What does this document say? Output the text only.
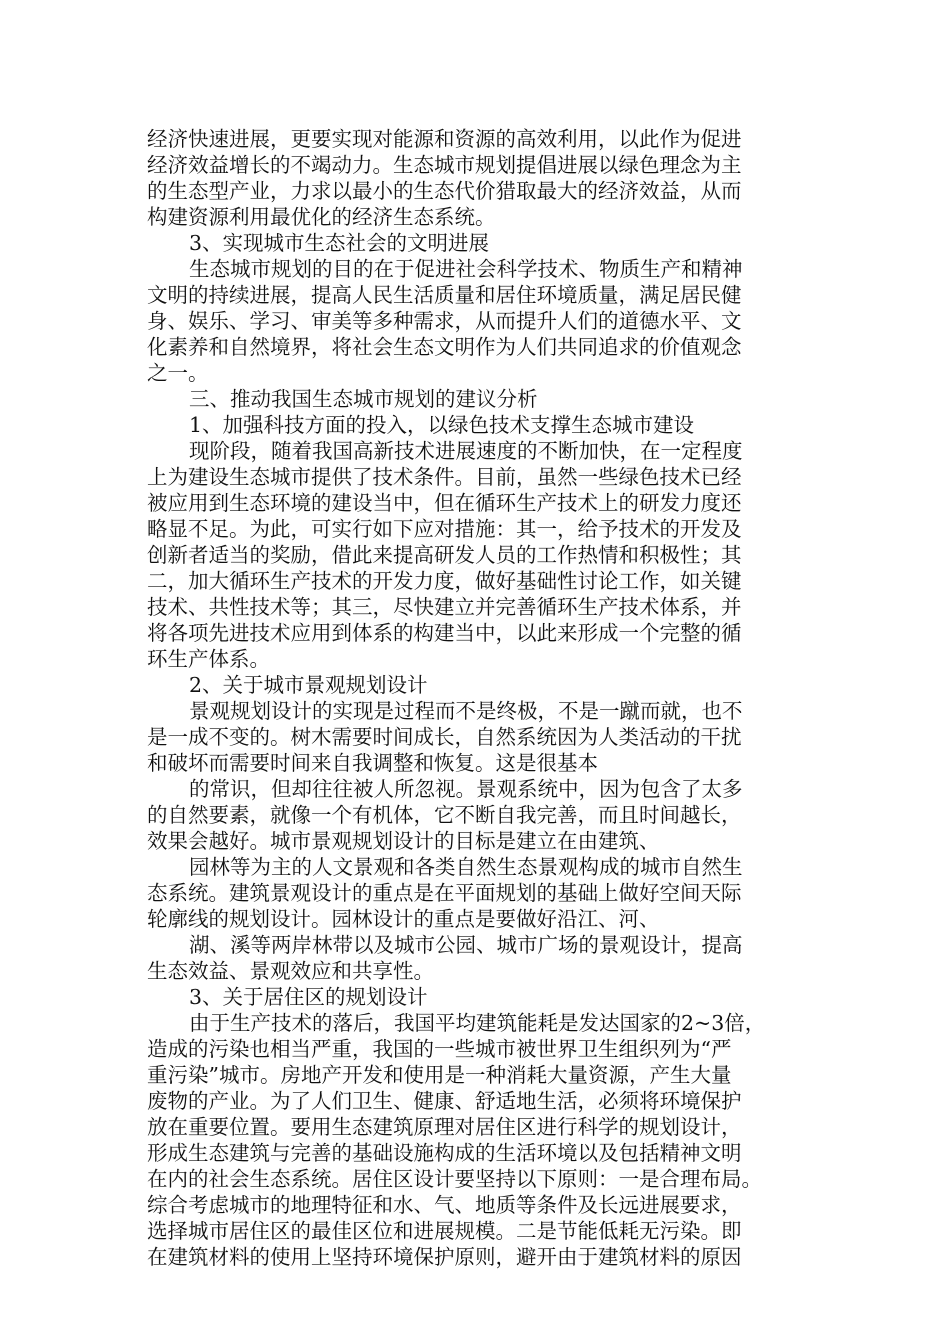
经济快速进展，更要实现对能源和资源的高效利用，以此作为促进
经济效益增长的不竭动力。生态城市规划提倡进展以绿色理念为主
的生态型产业，力求以最小的生态代价猎取最大的经济效益，从而
构建资源利用最优化的经济生态系统。
3、实现城市生态社会的文明进展
生态城市规划的目的在于促进社会科学技术、物质生产和精神
文明的持续进展，提高人民生活质量和居住环境质量，满足居民健
身、娱乐、学习、审美等多种需求，从而提升人们的道德水平、文
化素养和自然境界，将社会生态文明作为人们共同追求的价值观念
之一。
三、推动我国生态城市规划的建议分析
1、加强科技方面的投入，以绿色技术支撑生态城市建设
现阶段，随着我国高新技术进展速度的不断加快，在一定程度
上为建设生态城市提供了技术条件。目前，虽然一些绿色技术已经
被应用到生态环境的建设当中，但在循环生产技术上的研发力度还
略显不足。为此，可实行如下应对措施：其一，给予技术的开发及
创新者适当的奖励，借此来提高研发人员的工作热情和积极性；其
二，加大循环生产技术的开发力度，做好基础性讨论工作，如关键
技术、共性技术等；其三，尽快建立并完善循环生产技术体系，并
将各项先进技术应用到体系的构建当中，以此来形成一个完整的循
环生产体系。
2、关于城市景观规划设计
景观规划设计的实现是过程而不是终极，不是一蹴而就，也不
是一成不变的。树木需要时间成长，自然系统因为人类活动的干扰
和破坏而需要时间来自我调整和恢复。这是很基本
的常识，但却往往被人所忽视。景观系统中，因为包含了太多
的自然要素，就像一个有机体，它不断自我完善，而且时间越长，
效果会越好。城市景观规划设计的目标是建立在由建筑、
园林等为主的人文景观和各类自然生态景观构成的城市自然生
态系统。建筑景观设计的重点是在平面规划的基础上做好空间天际
轮廓线的规划设计。园林设计的重点是要做好沿江、河、
湖、溪等两岸林带以及城市公园、城市广场的景观设计，提高
生态效益、景观效应和共享性。
3、关于居住区的规划设计
由于生产技术的落后，我国平均建筑能耗是发达国家的2~3倍，
造成的污染也相当严重，我国的一些城市被世界卫生组织列为“严
重污染”城市。房地产开发和使用是一种消耗大量资源，产生大量
废物的产业。为了人们卫生、健康、舒适地生活，必须将环境保护
放在重要位置。要用生态建筑原理对居住区进行科学的规划设计，
形成生态建筑与完善的基础设施构成的生活环境以及包括精神文明
在内的社会生态系统。居住区设计要坚持以下原则：一是合理布局。
综合考虑城市的地理特征和水、气、地质等条件及长远进展要求，
选择城市居住区的最佳区位和进展规模。二是节能低耗无污染。即
在建筑材料的使用上坚持环境保护原则，避开由于建筑材料的原因
